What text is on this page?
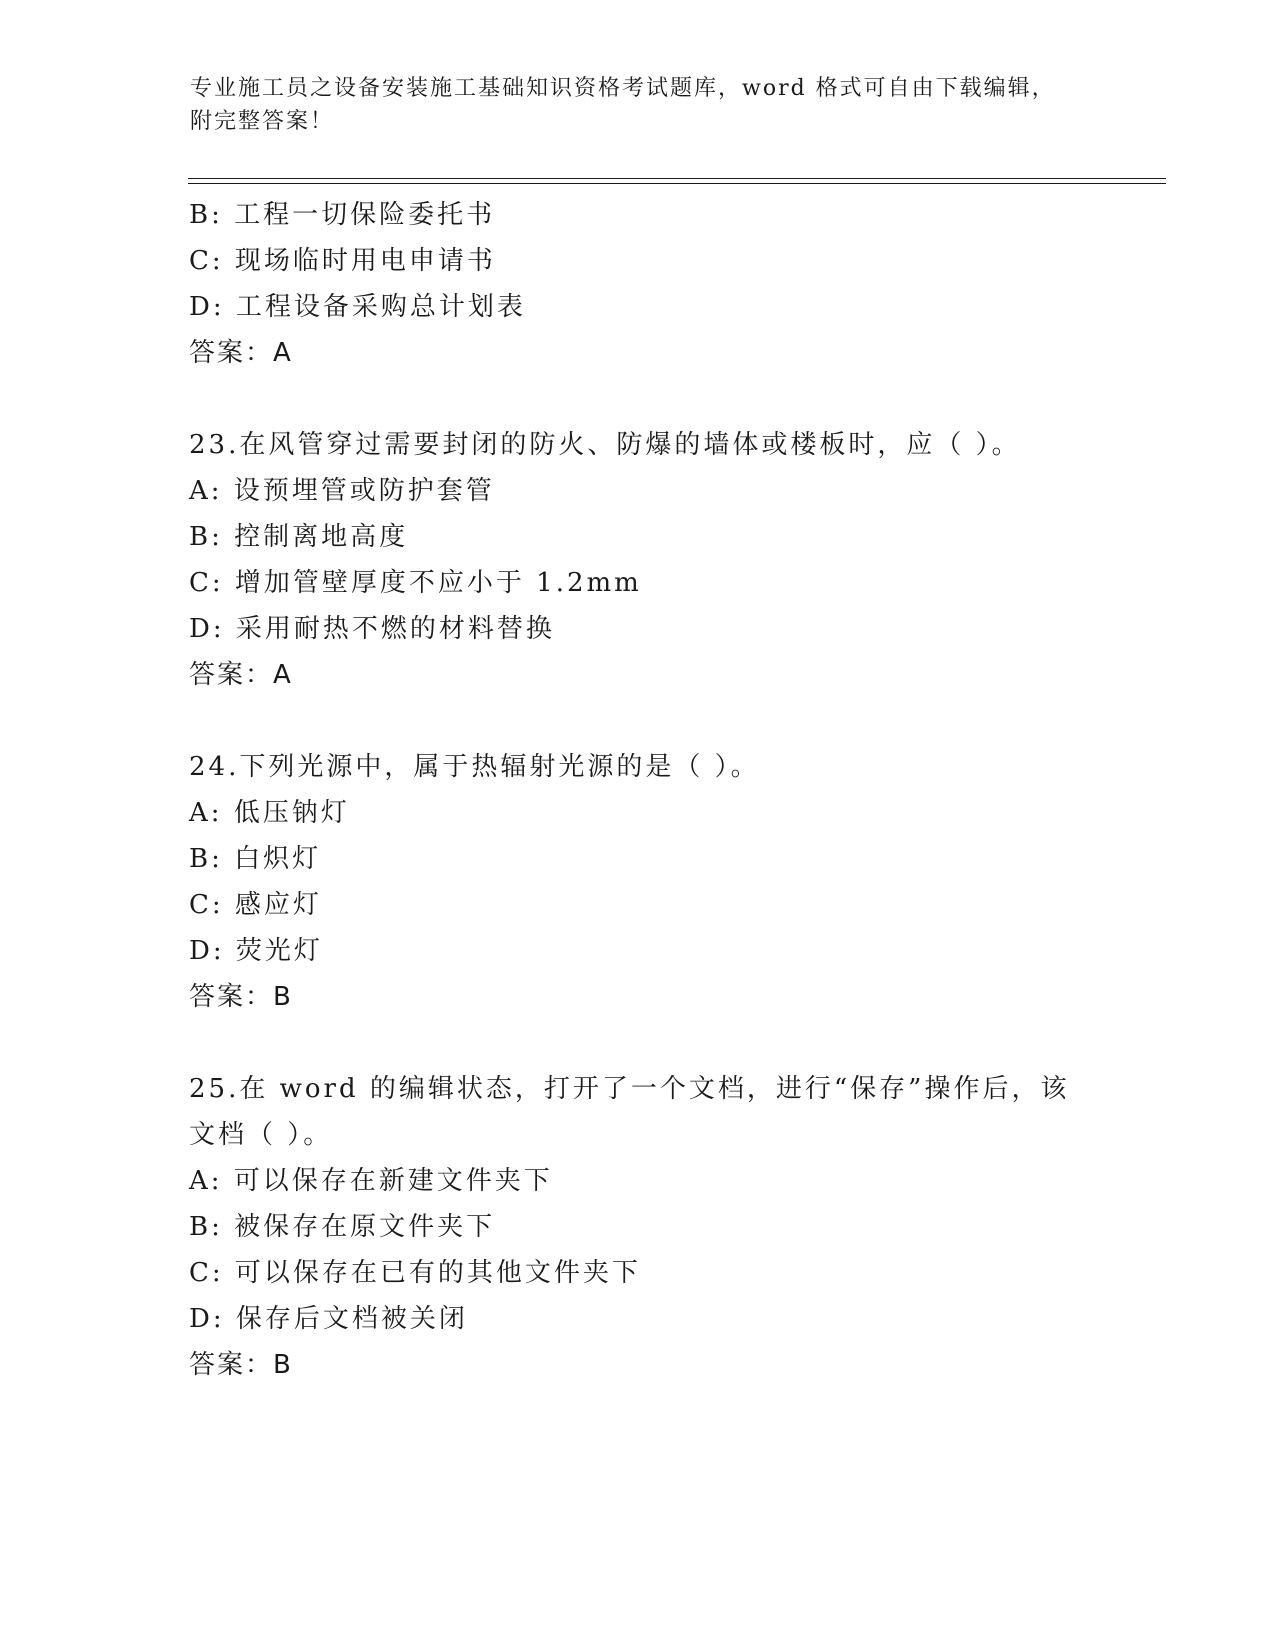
专业施工员之设备安装施工基础知识资格考试题库，word 格式可自由下载编辑，
附完整答案！
B: 工程一切保险委托书
C: 现场临时用电申请书
D: 工程设备采购总计划表
答案：A
23.在风管穿过需要封闭的防火、防爆的墙体或楼板时，应（ ）。
A: 设预埋管或防护套管
B: 控制离地高度
C: 增加管壁厚度不应小于 1.2mm
D: 采用耐热不燃的材料替换
答案：A
24.下列光源中，属于热辐射光源的是（ ）。
A: 低压钠灯
B: 白炽灯
C: 感应灯
D: 荧光灯
答案：B
25.在 word 的编辑状态，打开了一个文档，进行“保存”操作后，该
文档（ ）。
A: 可以保存在新建文件夹下
B: 被保存在原文件夹下
C: 可以保存在已有的其他文件夹下
D: 保存后文档被关闭
答案：B
